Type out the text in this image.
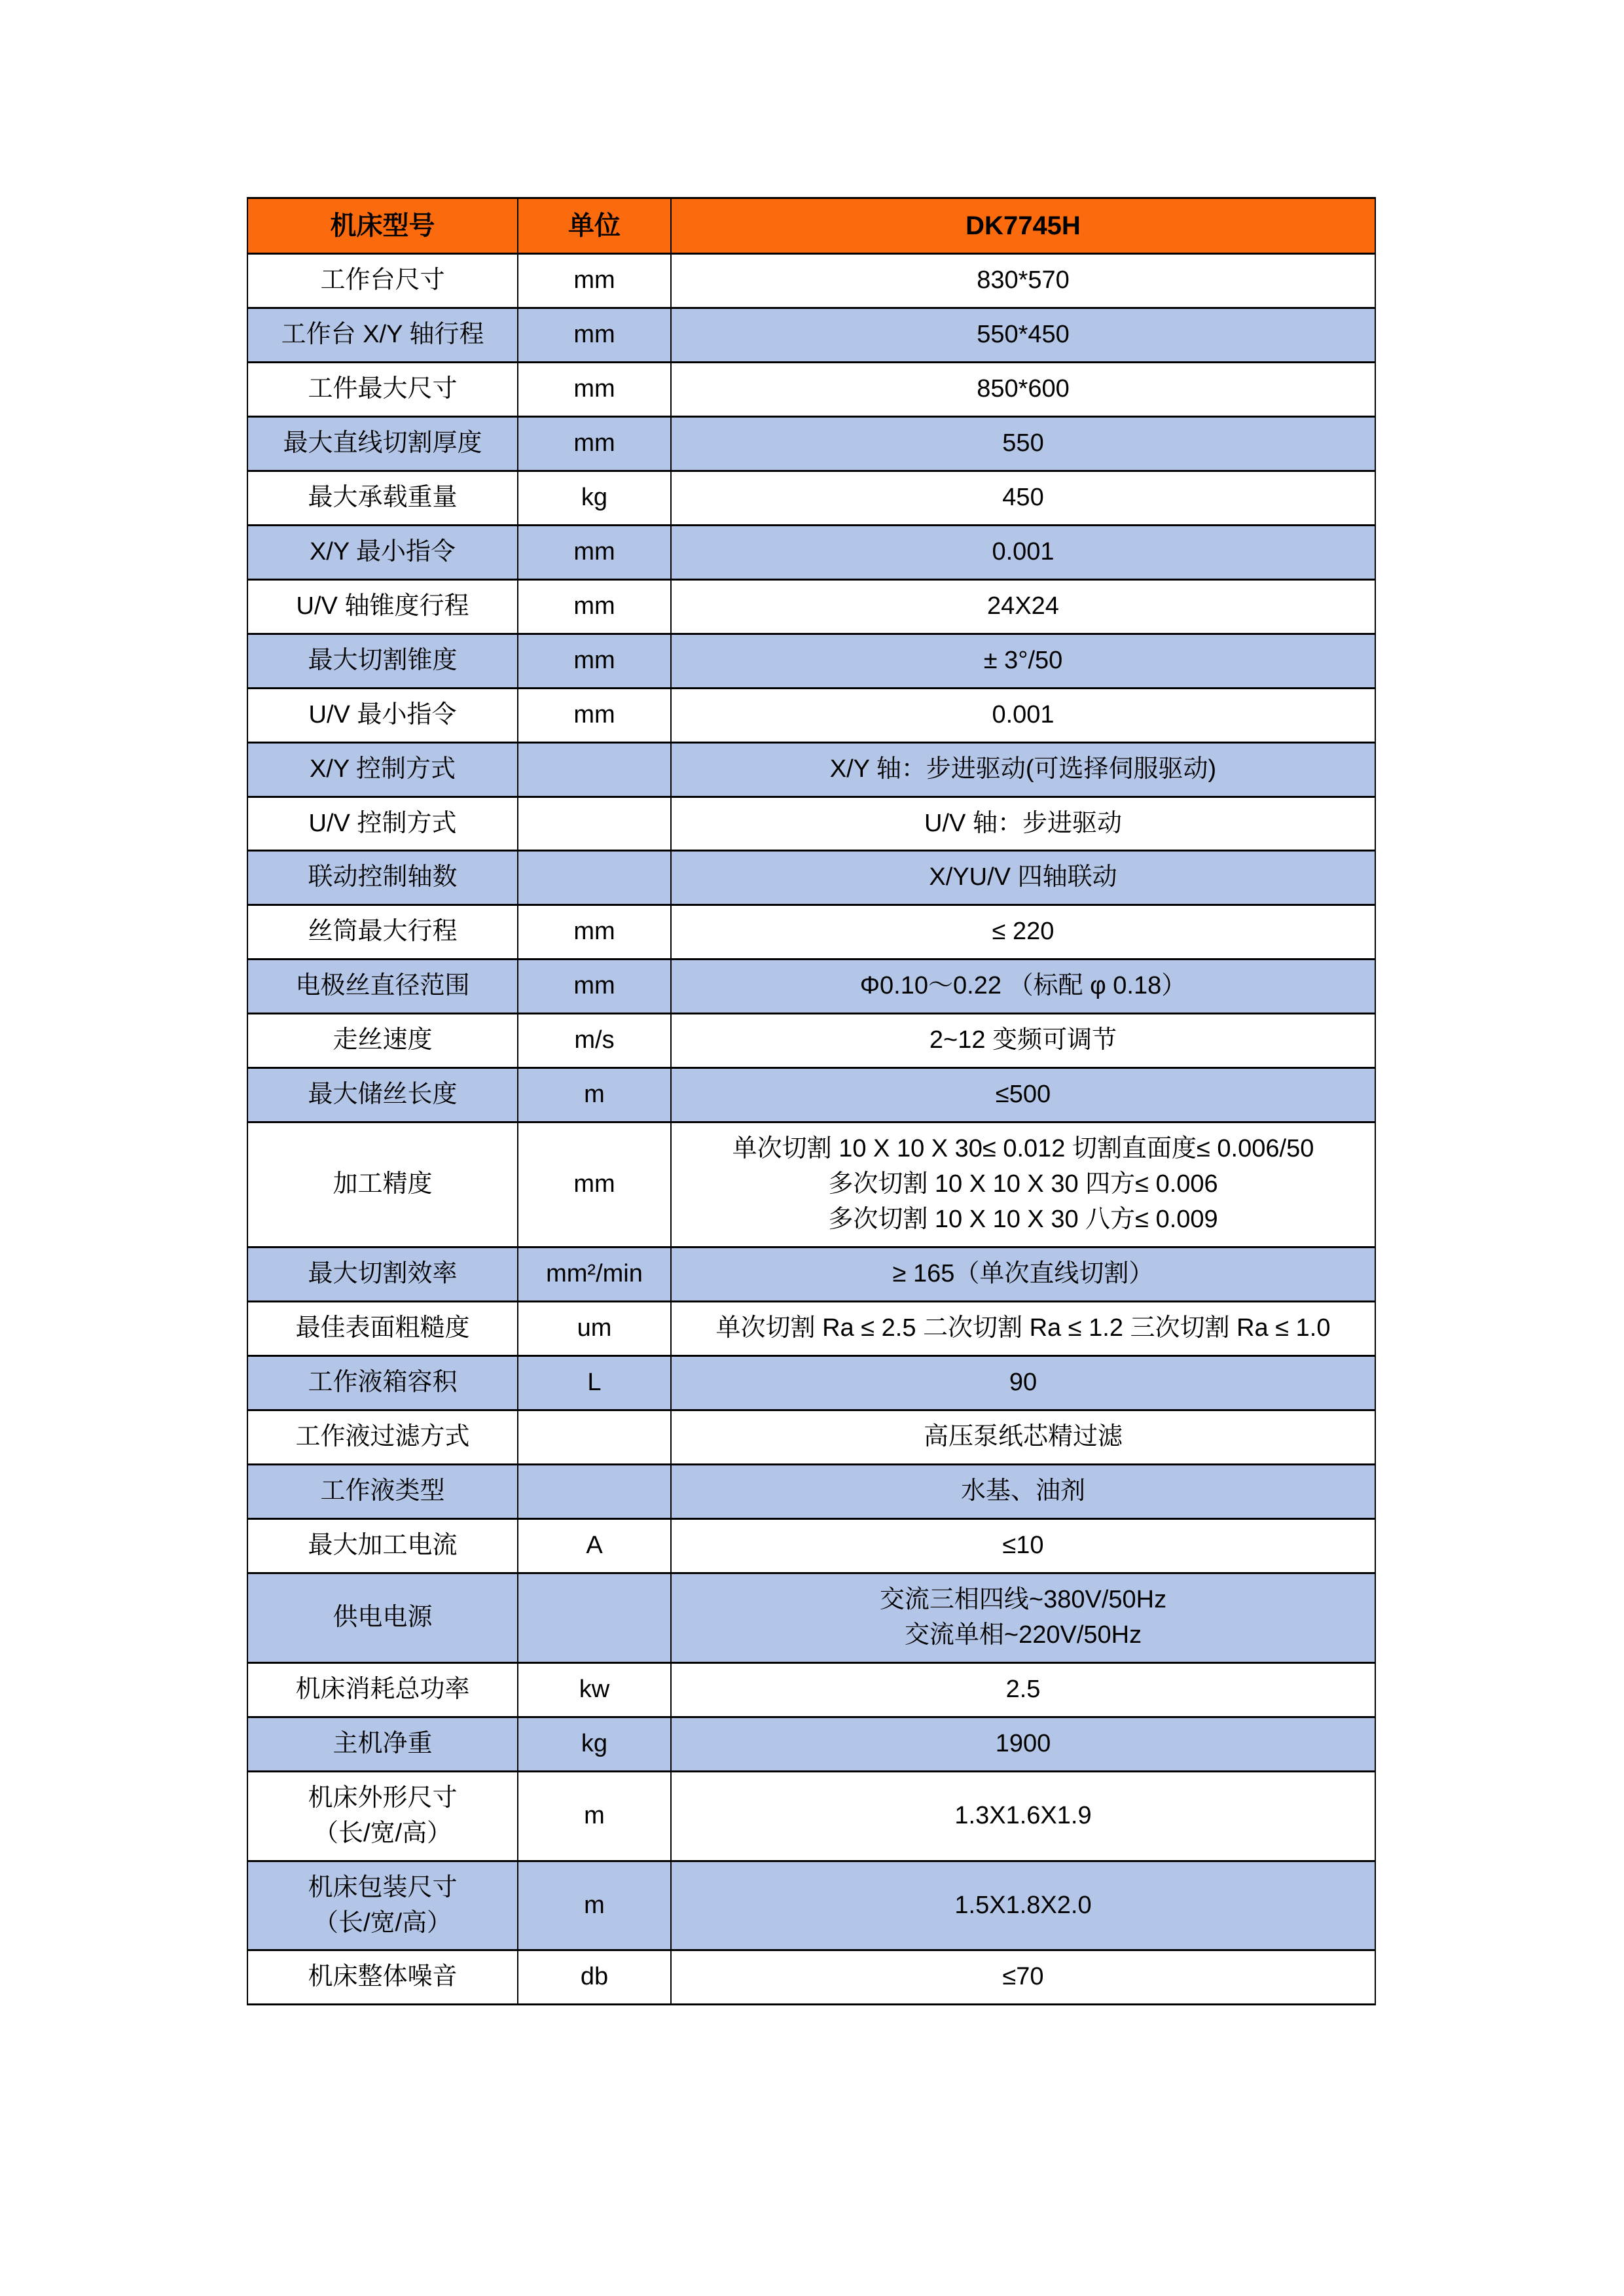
机床型号	单位	DK7745H
工作台尺寸	mm	830*570
工作台 X/Y 轴行程	mm	550*450
工件最大尺寸	mm	850*600
最大直线切割厚度	mm	550
最大承载重量	kg	450
X/Y 最小指令	mm	0.001
U/V 轴锥度行程	mm	24X24
最大切割锥度	mm	± 3°/50
U/V 最小指令	mm	0.001
X/Y 控制方式		X/Y 轴：步进驱动(可选择伺服驱动)
U/V 控制方式		U/V 轴：步进驱动
联动控制轴数		X/YU/V 四轴联动
丝筒最大行程	mm	≤ 220
电极丝直径范围	mm	Φ0.10～0.22 （标配 φ 0.18）
走丝速度	m/s	2~12 变频可调节
最大储丝长度	m	≤500
加工精度	mm	单次切割 10 X 10 X 30≤ 0.012 切割直面度≤ 0.006/50
多次切割 10 X 10 X 30 四方≤ 0.006
多次切割 10 X 10 X 30 八方≤ 0.009

最大切割效率	mm²/min	≥ 165（单次直线切割）
最佳表面粗糙度	um	单次切割 Ra ≤ 2.5 二次切割 Ra ≤ 1.2 三次切割 Ra ≤ 1.0
工作液箱容积	L	90
工作液过滤方式		高压泵纸芯精过滤
工作液类型		水基、油剂
最大加工电流	A	≤10
供电电源		交流三相四线~380V/50Hz
交流单相~220V/50Hz

机床消耗总功率	kw	2.5
主机净重	kg	1900

机床外形尺寸
（长/宽/高）	m	1.3X1.6X1.9

机床包装尺寸
（长/宽/高）	m	1.5X1.8X2.0
机床整体噪音	db	≤70
